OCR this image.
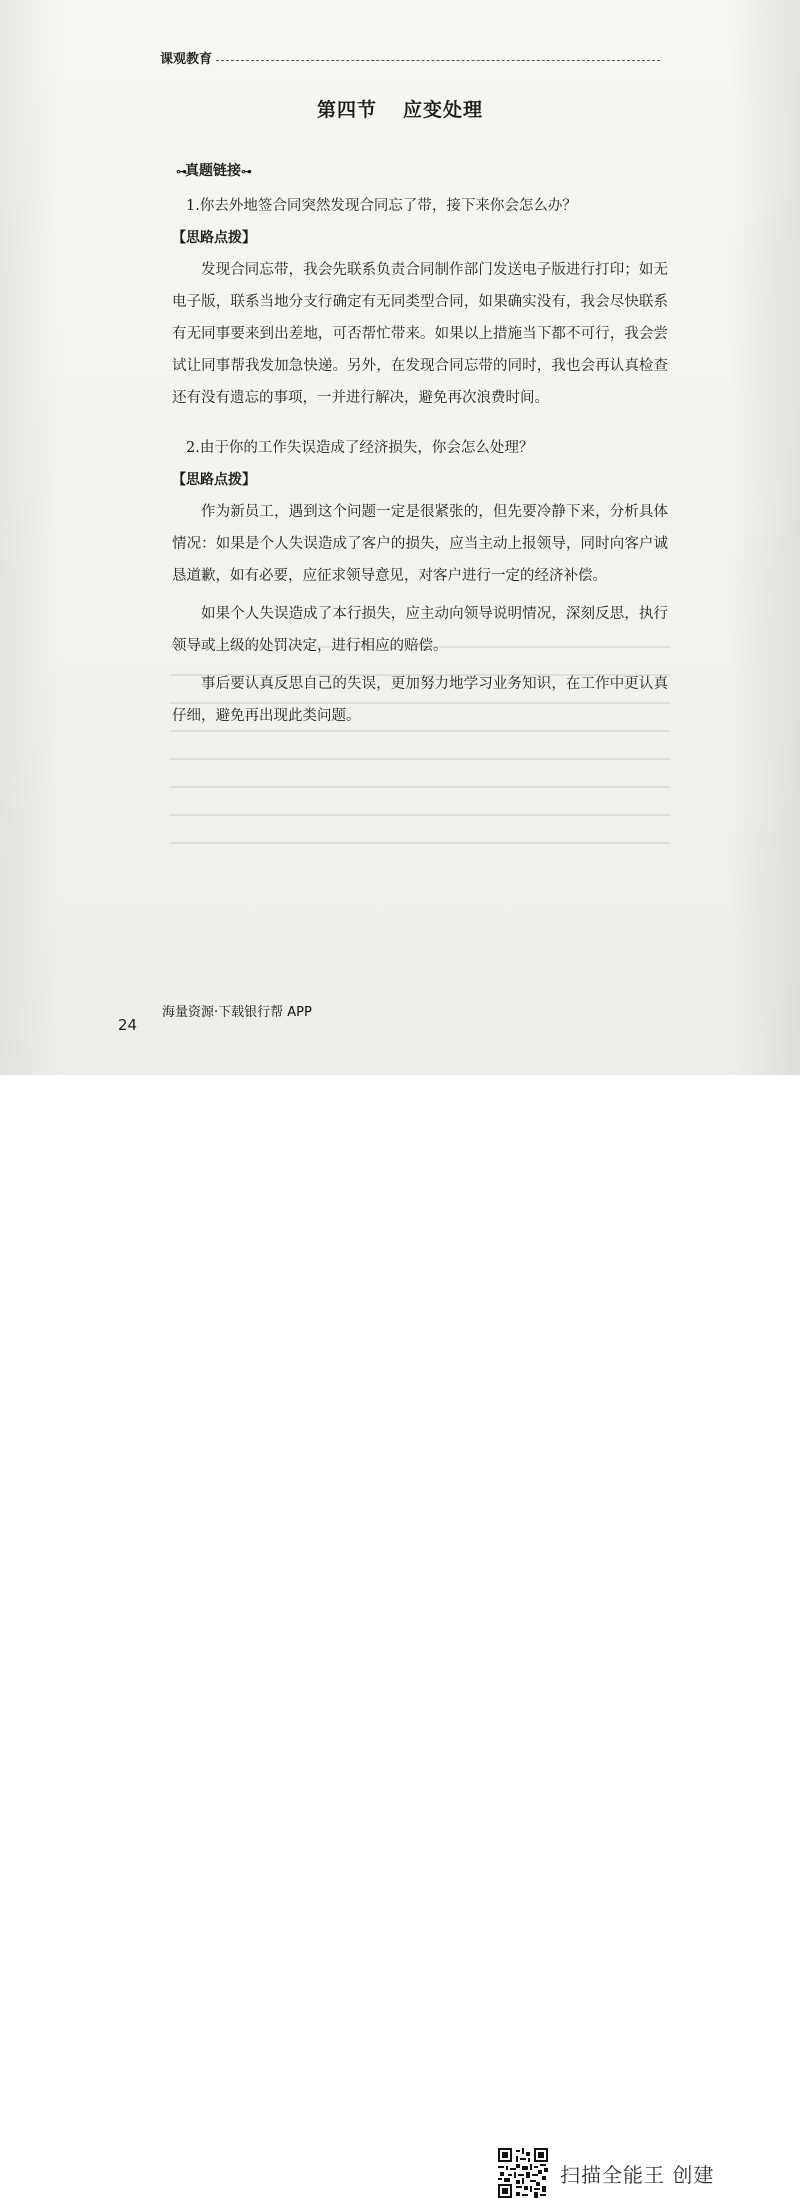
课观教育
第四节 应变处理
⊶真题链接⊶

1.你去外地签合同突然发现合同忘了带，接下来你会怎么办？

【思路点拨】

发现合同忘带，我会先联系负责合同制作部门发送电子版进行打印；如无电子版，联系当地分支行确定有无同类型合同，如果确实没有，我会尽快联系有无同事要来到出差地，可否帮忙带来。如果以上措施当下都不可行，我会尝试让同事帮我发加急快递。另外，在发现合同忘带的同时，我也会再认真检查还有没有遗忘的事项，一并进行解决，避免再次浪费时间。

2.由于你的工作失误造成了经济损失，你会怎么处理？

【思路点拨】

作为新员工，遇到这个问题一定是很紧张的，但先要冷静下来，分析具体情况：如果是个人失误造成了客户的损失，应当主动上报领导，同时向客户诚恳道歉，如有必要，应征求领导意见，对客户进行一定的经济补偿。

如果个人失误造成了本行损失，应主动向领导说明情况，深刻反思，执行领导或上级的处罚决定，进行相应的赔偿。

事后要认真反思自己的失误，更加努力地学习业务知识，在工作中更认真仔细，避免再出现此类问题。

海量资源·下载银行帮 APP
24
扫描全能王 创建
